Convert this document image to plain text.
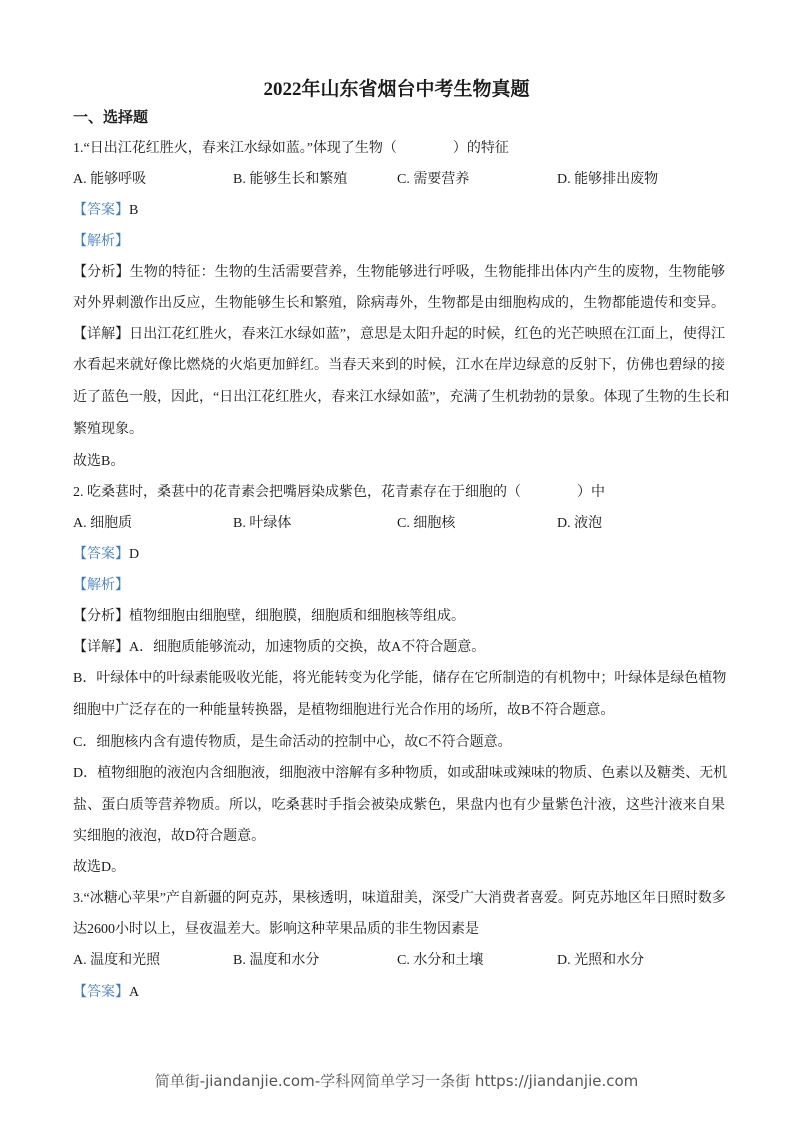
2022年山东省烟台中考生物真题
一、选择题
1.“日出江花红胜火，春来江水绿如蓝。”体现了生物（　　　　）的特征
A. 能够呼吸	B. 能够生长和繁殖	C. 需要营养	D. 能够排出废物
【答案】B
【解析】
【分析】生物的特征：生物的生活需要营养，生物能够进行呼吸，生物能排出体内产生的废物，生物能够
对外界刺激作出反应，生物能够生长和繁殖，除病毒外，生物都是由细胞构成的，生物都能遗传和变异。
【详解】日出江花红胜火，春来江水绿如蓝”，意思是太阳升起的时候，红色的光芒映照在江面上，使得江
水看起来就好像比燃烧的火焰更加鲜红。当春天来到的时候，江水在岸边绿意的反射下，仿佛也碧绿的接
近了蓝色一般，因此，“日出江花红胜火，春来江水绿如蓝”，充满了生机勃勃的景象。体现了生物的生长和
繁殖现象。
故选B。
2. 吃桑葚时，桑葚中的花青素会把嘴唇染成紫色，花青素存在于细胞的（　　　　）中
A. 细胞质	B. 叶绿体	C. 细胞核	D. 液泡
【答案】D
【解析】
【分析】植物细胞由细胞壁，细胞膜，细胞质和细胞核等组成。
【详解】A．细胞质能够流动，加速物质的交换，故A不符合题意。
B．叶绿体中的叶绿素能吸收光能，将光能转变为化学能，储存在它所制造的有机物中；叶绿体是绿色植物
细胞中广泛存在的一种能量转换器，是植物细胞进行光合作用的场所，故B不符合题意。
C．细胞核内含有遗传物质，是生命活动的控制中心，故C不符合题意。
D．植物细胞的液泡内含细胞液，细胞液中溶解有多种物质，如或甜味或辣味的物质、色素以及糖类、无机
盐、蛋白质等营养物质。所以，吃桑葚时手指会被染成紫色，果盘内也有少量紫色汁液，这些汁液来自果
实细胞的液泡，故D符合题意。
故选D。
3.“冰糖心苹果”产自新疆的阿克苏，果核透明，味道甜美，深受广大消费者喜爱。阿克苏地区年日照时数多
达2600小时以上，昼夜温差大。影响这种苹果品质的非生物因素是
A. 温度和光照	B. 温度和水分	C. 水分和土壤	D. 光照和水分
【答案】A
简单街-jiandanjie.com-学科网简单学习一条街 https://jiandanjie.com
